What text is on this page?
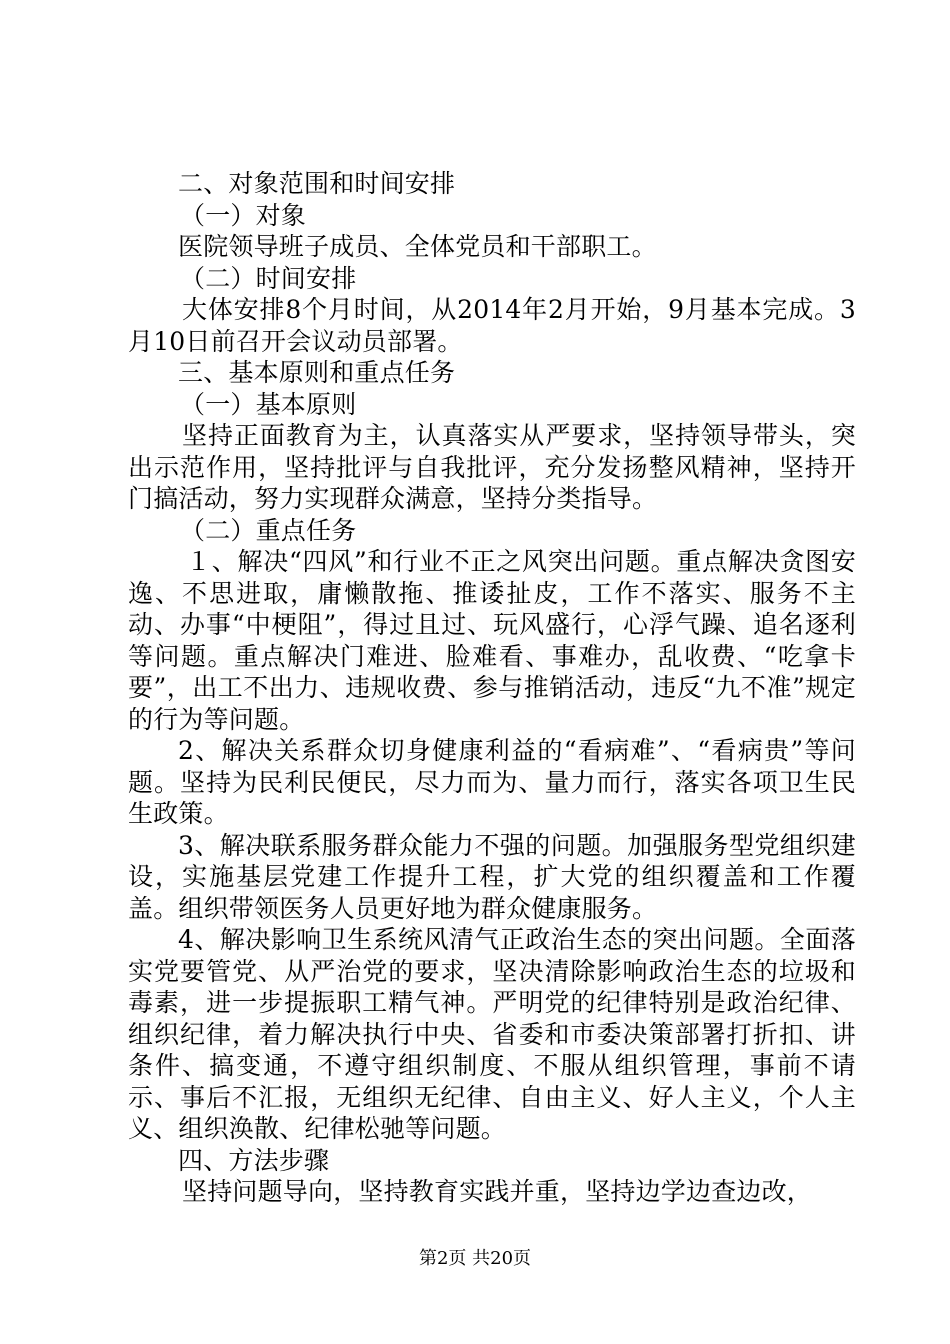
二、对象范围和时间安排

（一）对象

医院领导班子成员、全体党员和干部职工。

（二）时间安排

大体安排8个月时间，从2014年2月开始，9月基本完成。3月10日前召开会议动员部署。

三、基本原则和重点任务

（一）基本原则

坚持正面教育为主，认真落实从严要求，坚持领导带头，突出示范作用，坚持批评与自我批评，充分发扬整风精神，坚持开门搞活动，努力实现群众满意，坚持分类指导。

（二）重点任务

１、解决“四风”和行业不正之风突出问题。重点解决贪图安逸、不思进取，庸懒散拖、推诿扯皮，工作不落实、服务不主动、办事“中梗阻”，得过且过、玩风盛行，心浮气躁、追名逐利等问题。重点解决门难进、脸难看、事难办，乱收费、“吃拿卡要”，出工不出力、违规收费、参与推销活动，违反“九不准”规定的行为等问题。

2、解决关系群众切身健康利益的“看病难”、“看病贵”等问题。坚持为民利民便民，尽力而为、量力而行，落实各项卫生民生政策。

3、解决联系服务群众能力不强的问题。加强服务型党组织建设，实施基层党建工作提升工程，扩大党的组织覆盖和工作覆盖。组织带领医务人员更好地为群众健康服务。

4、解决影响卫生系统风清气正政治生态的突出问题。全面落实党要管党、从严治党的要求，坚决清除影响政治生态的垃圾和毒素，进一步提振职工精气神。严明党的纪律特别是政治纪律、组织纪律，着力解决执行中央、省委和市委决策部署打折扣、讲条件、搞变通，不遵守组织制度、不服从组织管理，事前不请示、事后不汇报，无组织无纪律、自由主义、好人主义，个人主义、组织涣散、纪律松驰等问题。

四、方法步骤

坚持问题导向，坚持教育实践并重，坚持边学边查边改，

第2页 共20页
